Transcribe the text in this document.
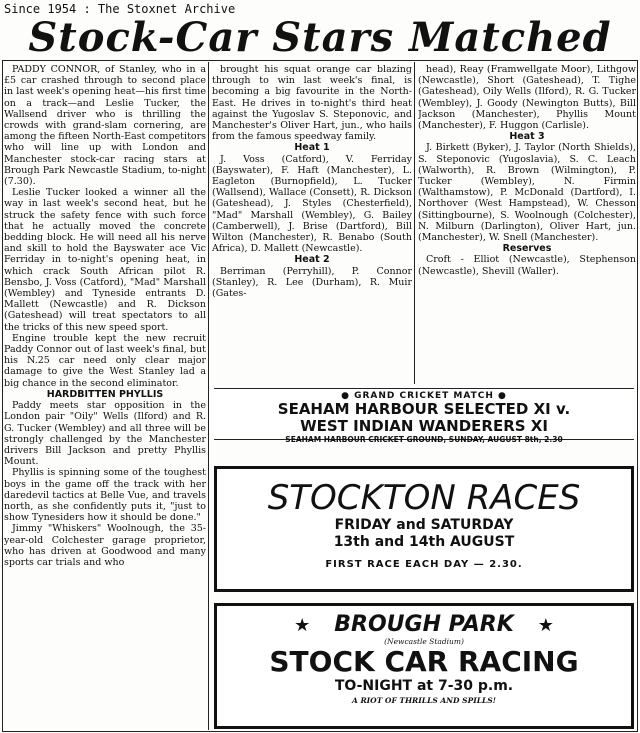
Since 1954 : The Stoxnet Archive
Stock-Car Stars Matched

PADDY CONNOR, of Stanley, who in a £5 car crashed through to second place in last week's opening heat—his first time on a track—and Leslie Tucker, the Wallsend driver who is thrilling the crowds with grand-slam cornering, are among the fifteen North-East competitors who will line up with London and Manchester stock-car racing stars at Brough Park Newcastle Stadium, to-night (7.30).

Leslie Tucker looked a winner all the way in last week's second heat, but he struck the safety fence with such force that he actually moved the concrete bedding block. He will need all his nerve and skill to hold the Bayswater ace Vic Ferriday in to-night's opening heat, in which crack South African pilot R. Bensbo, J. Voss (Catford), "Mad" Marshall (Wembley) and Tyneside entrants D. Mallett (Newcastle) and R. Dickson (Gateshead) will treat spectators to all the tricks of this new speed sport.

Engine trouble kept the new recruit Paddy Connor out of last week's final, but his N.25 car need only clear major damage to give the West Stanley lad a big chance in the second eliminator.

HARDBITTEN PHYLLIS

Paddy meets star opposition in the London pair "Oily" Wells (Ilford) and R. G. Tucker (Wembley) and all three will be strongly challenged by the Manchester drivers Bill Jackson and pretty Phyllis Mount.

Phyllis is spinning some of the toughest boys in the game off the track with her daredevil tactics at Belle Vue, and travels north, as she confidently puts it, "just to show Tynesiders how it should be done."

Jimmy "Whiskers" Woolnough, the 35-year-old Colchester garage proprietor, who has driven at Goodwood and many sports car trials and who

brought his squat orange car blazing through to win last week's final, is becoming a big favourite in the North-East. He drives in to-night's third heat against the Yugoslav S. Steponovic, and Manchester's Oliver Hart, jun., who hails from the famous speedway family.

Heat 1

J. Voss (Catford), V. Ferriday (Bayswater), F. Haft (Manchester), L. Eagleton (Burnopfield), L. Tucker (Wallsend), Wallace (Consett), R. Dickson (Gateshead), J. Styles (Chesterfield), "Mad" Marshall (Wembley), G. Bailey (Camberwell), J. Brise (Dartford), Bill Wilton (Manchester), R. Benabo (South Africa), D. Mallett (Newcastle).

Heat 2

Berriman (Perryhill), P. Connor (Stanley), R. Lee (Durham), R. Muir (Gates-

head), Reay (Framwellgate Moor), Lithgow (Newcastle), Short (Gateshead), T. Tighe (Gateshead), Oily Wells (Ilford), R. G. Tucker (Wembley), J. Goody (Newington Butts), Bill Jackson (Manchester), Phyllis Mount (Manchester), F. Huggon (Carlisle).

Heat 3

J. Birkett (Byker), J. Taylor (North Shields), S. Steponovic (Yugoslavia), S. C. Leach (Walworth), R. Brown (Wilmington), P. Tucker (Wembley), N. Firmin (Walthamstow), P. McDonald (Dartford), I. Northover (West Hampstead), W. Chesson (Sittingbourne), S. Woolnough (Colchester), N. Milburn (Darlington), Oliver Hart, jun. (Manchester), W. Snell (Manchester).

Reserves

Croft - Elliot (Newcastle), Stephenson (Newcastle), Shevill (Waller).

● GRAND CRICKET MATCH ●
SEAHAM HARBOUR SELECTED XI v.
WEST INDIAN WANDERERS XI
SEAHAM HARBOUR CRICKET GROUND, SUNDAY, AUGUST 8th, 2.30
STOCKTON RACES
FRIDAY and SATURDAY
13th and 14th AUGUST
FIRST RACE EACH DAY — 2.30.
★ BROUGH PARK ★
(Newcastle Stadium)
STOCK CAR RACING
TO-NIGHT at 7-30 p.m.
A RIOT OF THRILLS AND SPILLS!
